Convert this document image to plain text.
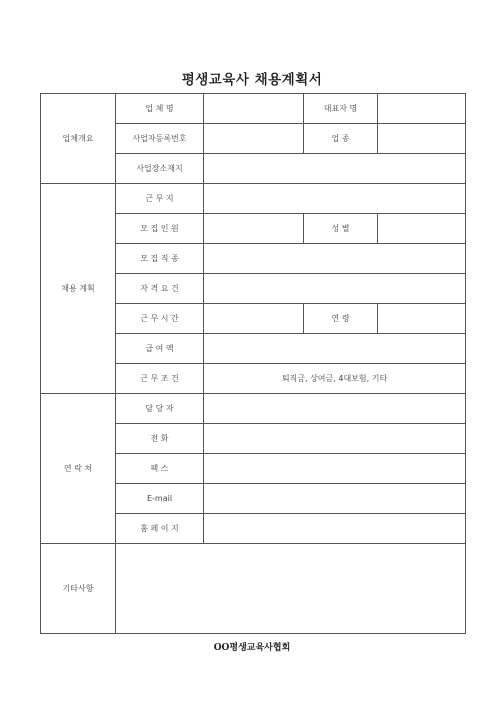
평생교육사 채용계획서
업체개요	업 체 명		대표자 명	
	사업자등록번호		업 종	
	사업장소재지			
채용 계획	근 무 지			
	모 집 인 원		성 별	
	모 집 직 종			
	자 격 요 건			
	근 무 시 간		연 령	
	급 여 액			
	근 무 조 건	퇴직금, 상여금, 4대보험, 기타		
연 락 처	담 당 자			
	전 화			
	팩 스			
	E-mail			
	홈 페 이 지			
기타사항				
OO평생교육사협회
